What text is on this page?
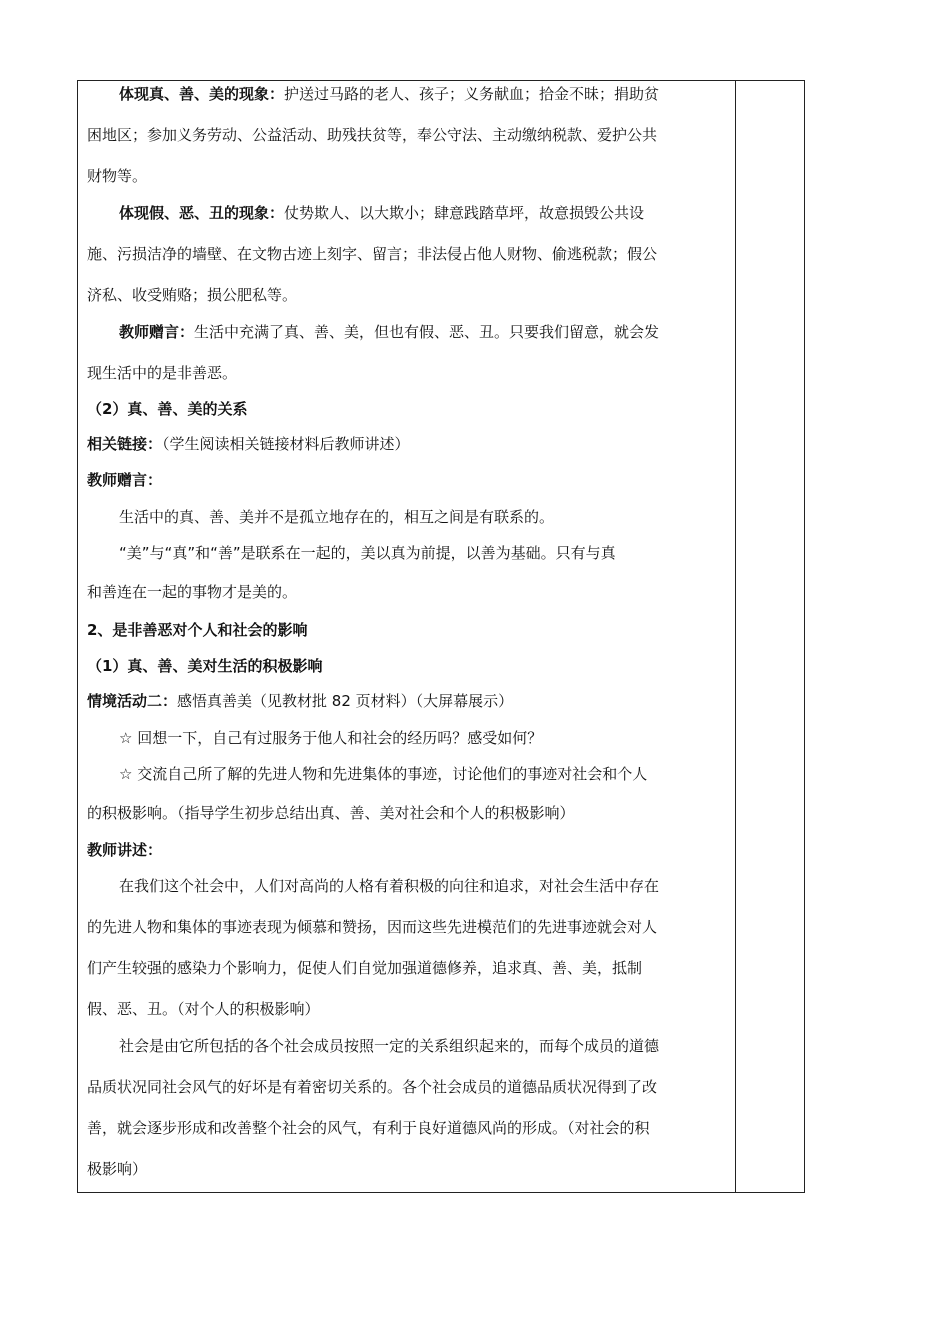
体现真、善、美的现象：护送过马路的老人、孩子；义务献血；拾金不昧；捐助贫
困地区；参加义务劳动、公益活动、助残扶贫等，奉公守法、主动缴纳税款、爱护公共
财物等。
体现假、恶、丑的现象：仗势欺人、以大欺小；肆意践踏草坪，故意损毁公共设
施、污损洁净的墙壁、在文物古迹上刻字、留言；非法侵占他人财物、偷逃税款；假公
济私、收受贿赂；损公肥私等。
教师赠言：生活中充满了真、善、美，但也有假、恶、丑。只要我们留意，就会发
现生活中的是非善恶。
（2）真、善、美的关系
相关链接：（学生阅读相关链接材料后教师讲述）
教师赠言：
生活中的真、善、美并不是孤立地存在的，相互之间是有联系的。
“美”与“真”和“善”是联系在一起的，美以真为前提，以善为基础。只有与真
和善连在一起的事物才是美的。
2、是非善恶对个人和社会的影响
（1）真、善、美对生活的积极影响
情境活动二：感悟真善美（见教材批 82 页材料）（大屏幕展示）
☆ 回想一下，自己有过服务于他人和社会的经历吗？感受如何？
☆ 交流自己所了解的先进人物和先进集体的事迹，讨论他们的事迹对社会和个人
的积极影响。（指导学生初步总结出真、善、美对社会和个人的积极影响）
教师讲述：
在我们这个社会中，人们对高尚的人格有着积极的向往和追求，对社会生活中存在
的先进人物和集体的事迹表现为倾慕和赞扬，因而这些先进模范们的先进事迹就会对人
们产生较强的感染力个影响力，促使人们自觉加强道德修养，追求真、善、美，抵制
假、恶、丑。（对个人的积极影响）
社会是由它所包括的各个社会成员按照一定的关系组织起来的，而每个成员的道德
品质状况同社会风气的好坏是有着密切关系的。各个社会成员的道德品质状况得到了改
善，就会逐步形成和改善整个社会的风气，有利于良好道德风尚的形成。（对社会的积
极影响）
